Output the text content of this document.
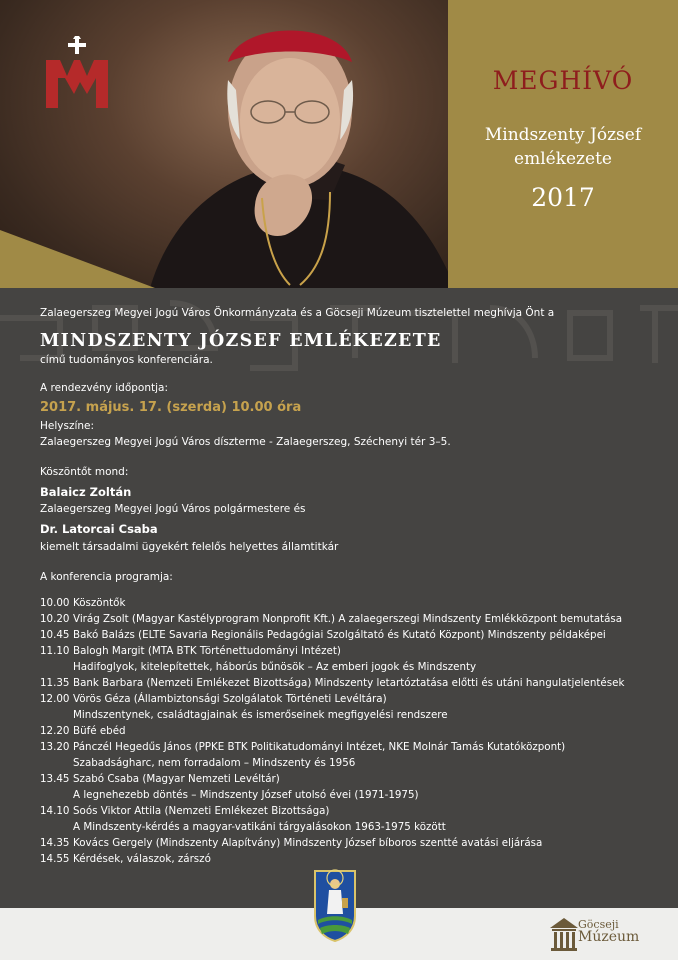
MEGHÍVÓ
Mindszenty József
emlékezete
2017
Zalaegerszeg Megyei Jogú Város Önkormányzata és a Göcseji Múzeum tisztelettel meghívja Önt a
MINDSZENTY JÓZSEF EMLÉKEZETE
című tudományos konferenciára.
A rendezvény időpontja:
2017. május. 17. (szerda) 10.00 óra
Helyszíne:
Zalaegerszeg Megyei Jogú Város díszterme - Zalaegerszeg, Széchenyi tér 3–5.
Köszöntőt mond:
Balaicz Zoltán
Zalaegerszeg Megyei Jogú Város polgármestere és
Dr. Latorcai Csaba
kiemelt társadalmi ügyekért felelős helyettes államtitkár
A konferencia programja:
10.00 Köszöntők
10.20 Virág Zsolt (Magyar Kastélyprogram Nonprofit Kft.) A zalaegerszegi Mindszenty Emlékközpont bemutatása
10.45 Bakó Balázs (ELTE Savaria Regionális Pedagógiai Szolgáltató és Kutató Központ) Mindszenty példaképei
11.10 Balogh Margit (MTA BTK Történettudományi Intézet)
Hadifoglyok, kitelepítettek, háborús bűnösök – Az emberi jogok és Mindszenty
11.35 Bank Barbara (Nemzeti Emlékezet Bizottsága) Mindszenty letartóztatása előtti és utáni hangulatjelentések
12.00 Vörös Géza (Állambiztonsági Szolgálatok Történeti Levéltára)
Mindszentynek, családtagjainak és ismerőseinek megfigyelési rendszere
12.20 Büfé ebéd
13.20 Pánczél Hegedűs János (PPKE BTK Politikatudományi Intézet, NKE Molnár Tamás Kutatóközpont)
Szabadságharc, nem forradalom – Mindszenty és 1956
13.45 Szabó Csaba (Magyar Nemzeti Levéltár)
A legnehezebb döntés – Mindszenty József utolsó évei (1971-1975)
14.10 Soós Viktor Attila (Nemzeti Emlékezet Bizottsága)
A Mindszenty-kérdés a magyar-vatikáni tárgyalásokon 1963-1975 között
14.35 Kovács Gergely (Mindszenty Alapítvány) Mindszenty József bíboros szentté avatási eljárása
14.55 Kérdések, válaszok, zárszó
Göcseji
Múzeum
